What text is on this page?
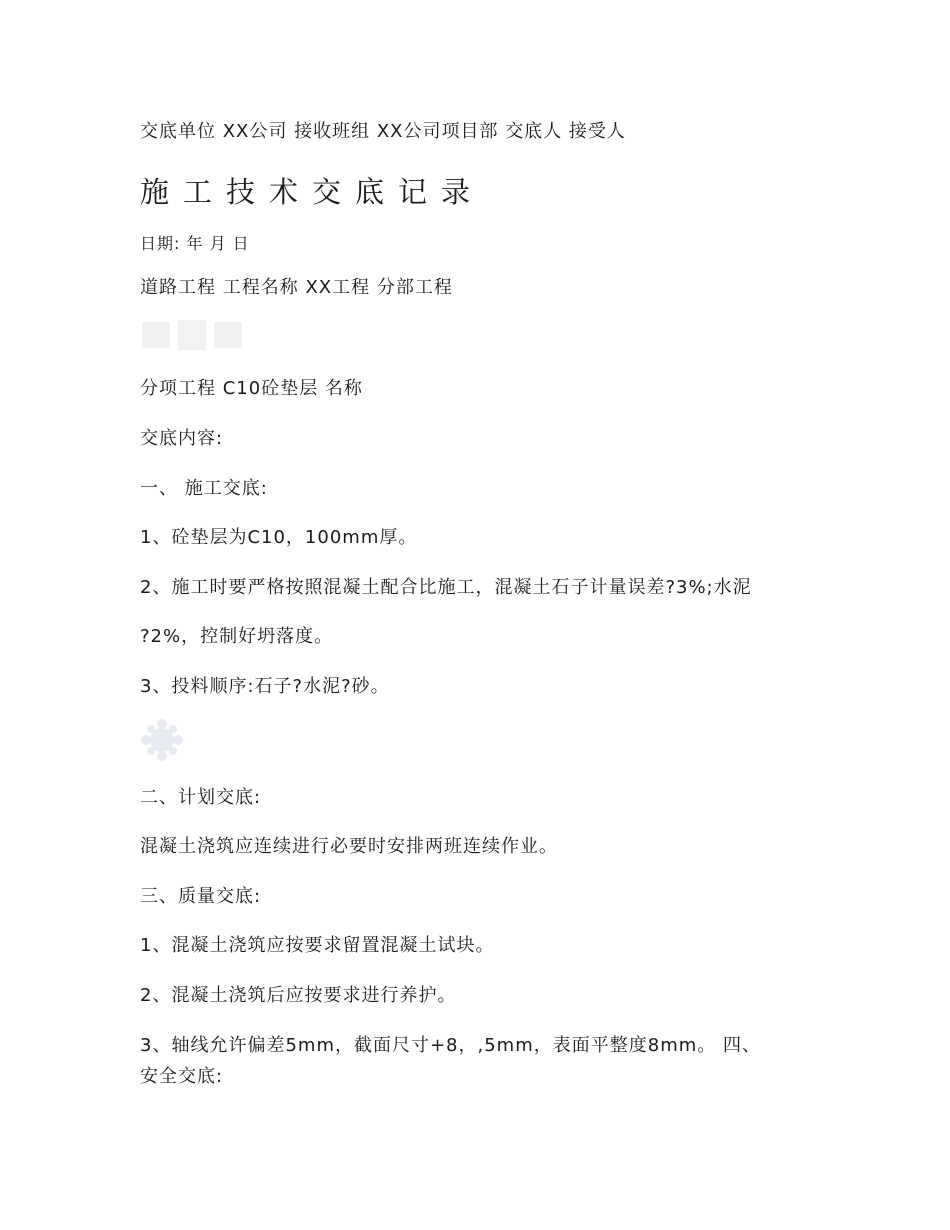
交底单位 XX公司 接收班组 XX公司项目部 交底人 接受人
施工技术交底记录
日期: 年 月 日
道路工程 工程名称 XX工程 分部工程
分项工程 C10砼垫层 名称
交底内容:
一、 施工交底:
1、砼垫层为C10，100mm厚。
2、施工时要严格按照混凝土配合比施工，混凝土石子计量误差?3%;水泥
?2%，控制好坍落度。
3、投料顺序:石子?水泥?砂。
二、计划交底:
混凝土浇筑应连续进行必要时安排两班连续作业。
三、质量交底:
1、混凝土浇筑应按要求留置混凝土试块。
2、混凝土浇筑后应按要求进行养护。
3、轴线允许偏差5mm，截面尺寸+8，,5mm，表面平整度8mm。 四、
安全交底:
